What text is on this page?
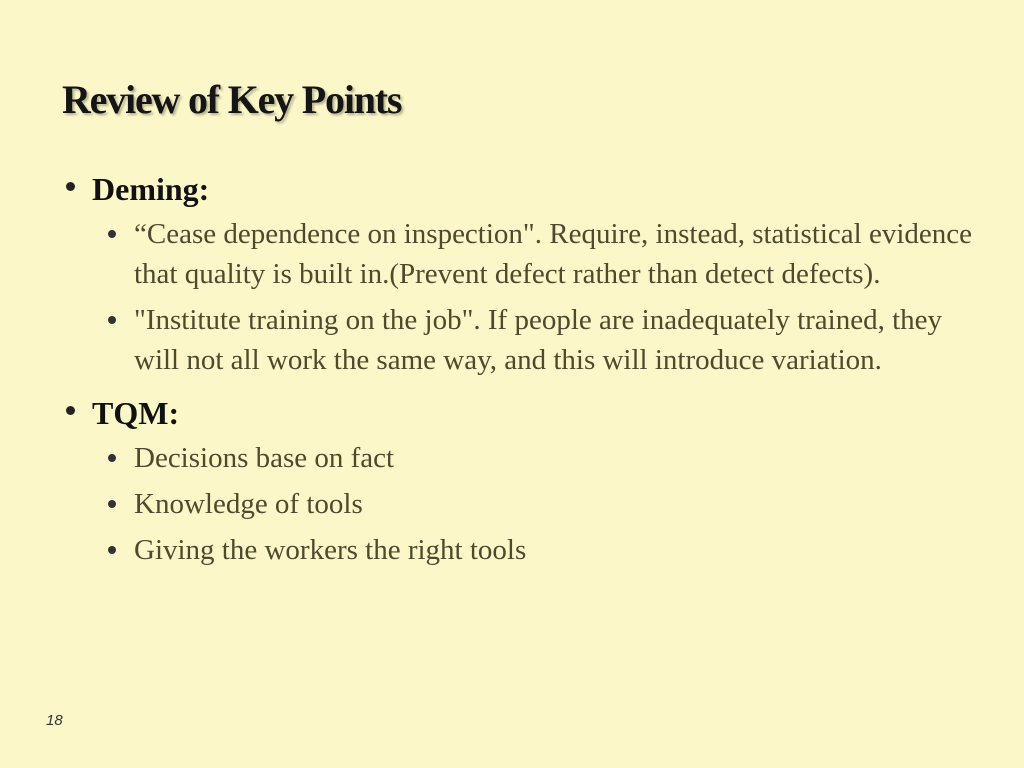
Review of Key Points
Deming:
“Cease dependence on inspection". Require, instead, statistical evidence that quality is built in.(Prevent defect rather than detect defects).
"Institute training on the job". If people are inadequately trained, they will not all work the same way, and this will introduce variation.
TQM:
Decisions base on fact
Knowledge of tools
Giving the workers the right tools
18
